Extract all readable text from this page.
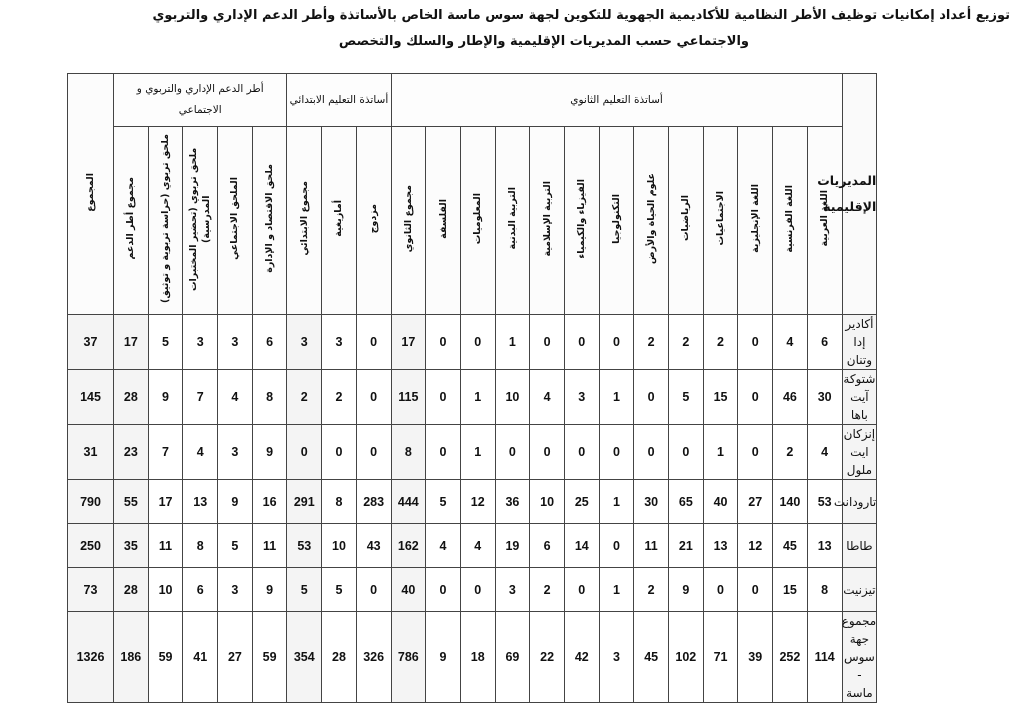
توزيع أعداد إمكانيات توظيف الأطر النظامية للأكاديمية الجهوية للتكوين لجهة سوس ماسة الخاص بالأساتذة وأطر الدعم الإداري والتربوي
والاجتماعي حسب المديريات الإقليمية والإطار والسلك والتخصص
المجموع	أطر الدعم الإداري والتربوي و الاجتماعي					أساتذة التعليم الابتدائي			أساتذة التعليم الثانوي													المديريات الإقليمية
	مجموع أطر الدعم	ملحق تربوي (حراسة تربوية و توثيق)	ملحق تربوي (تحضير المختبرات المدرسية)	الملحق الاجتماعي	ملحق الاقتصاد و الإدارة	مجموع الابتدائي	أمازيغية	مزدوج	مجموع الثانوي	الفلسفة	المعلوميات	التربية البدنية	التربية الإسلامية	الفيزياء والكيمياء	التكنولوجيا	علوم الحياة والأرض	الرياضيات	الاجتماعيات	اللغة الإنجليزية	اللغة الفرنسية	اللغة العربية	
37	17	5	3	3	6	3	3	0	17	0	0	1	0	0	0	2	2	2	0	4	6	أكادير إدا وتنان
145	28	9	7	4	8	2	2	0	115	0	1	10	4	3	1	0	5	15	0	46	30	شتوكة آيت باها
31	23	7	4	3	9	0	0	0	8	0	1	0	0	0	0	0	0	1	0	2	4	إنزكان ايت ملول
790	55	17	13	9	16	291	8	283	444	5	12	36	10	25	1	30	65	40	27	140	53	تارودانت
250	35	11	8	5	11	53	10	43	162	4	4	19	6	14	0	11	21	13	12	45	13	طاطا
73	28	10	6	3	9	5	5	0	40	0	0	3	2	0	1	2	9	0	0	15	8	تيزنيت
1326	186	59	41	27	59	354	28	326	786	9	18	69	22	42	3	45	102	71	39	252	114	مجموع جهة سوس - ماسة
